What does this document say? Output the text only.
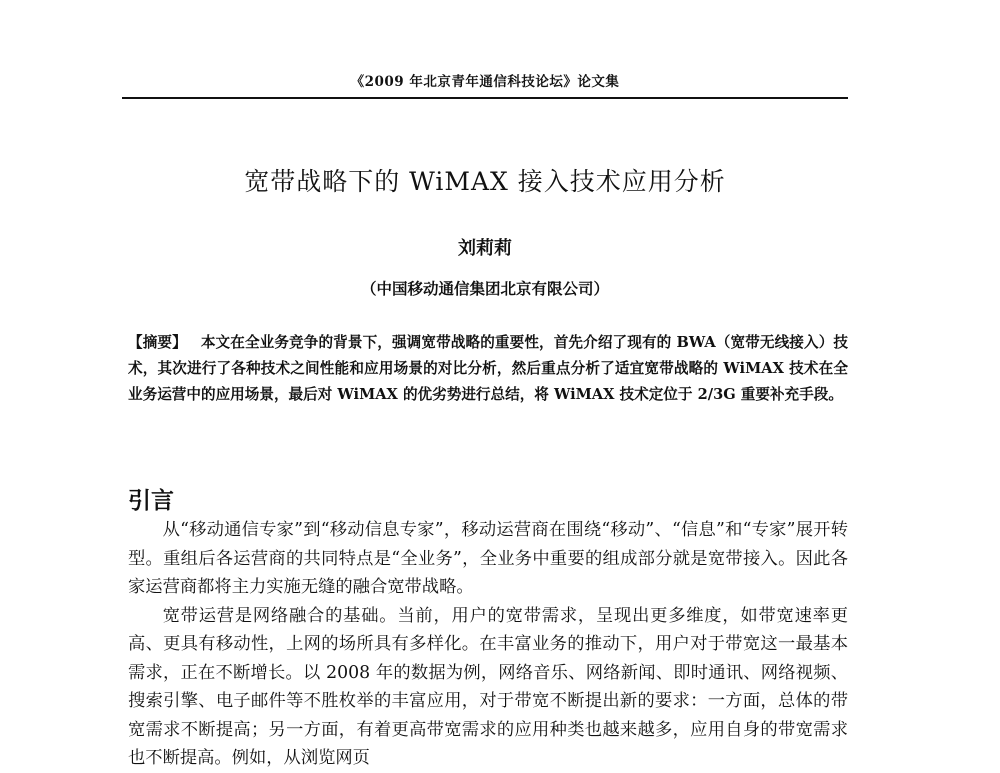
《2009 年北京青年通信科技论坛》论文集
宽带战略下的 WiMAX 接入技术应用分析
刘莉莉
（中国移动通信集团北京有限公司）
【摘要】 本文在全业务竞争的背景下，强调宽带战略的重要性，首先介绍了现有的 BWA（宽带无线接入）技术，其次进行了各种技术之间性能和应用场景的对比分析，然后重点分析了适宜宽带战略的 WiMAX 技术在全业务运营中的应用场景，最后对 WiMAX 的优劣势进行总结，将 WiMAX 技术定位于 2/3G 重要补充手段。
引言

从“移动通信专家”到“移动信息专家”，移动运营商在围绕“移动”、“信息”和“专家”展开转型。重组后各运营商的共同特点是“全业务”，全业务中重要的组成部分就是宽带接入。因此各家运营商都将主力实施无缝的融合宽带战略。

宽带运营是网络融合的基础。当前，用户的宽带需求，呈现出更多维度，如带宽速率更高、更具有移动性，上网的场所具有多样化。在丰富业务的推动下，用户对于带宽这一最基本需求，正在不断增长。以 2008 年的数据为例，网络音乐、网络新闻、即时通讯、网络视频、搜索引擎、电子邮件等不胜枚举的丰富应用，对于带宽不断提出新的要求：一方面，总体的带宽需求不断提高；另一方面，有着更高带宽需求的应用种类也越来越多，应用自身的带宽需求也不断提高。例如，从浏览网页
